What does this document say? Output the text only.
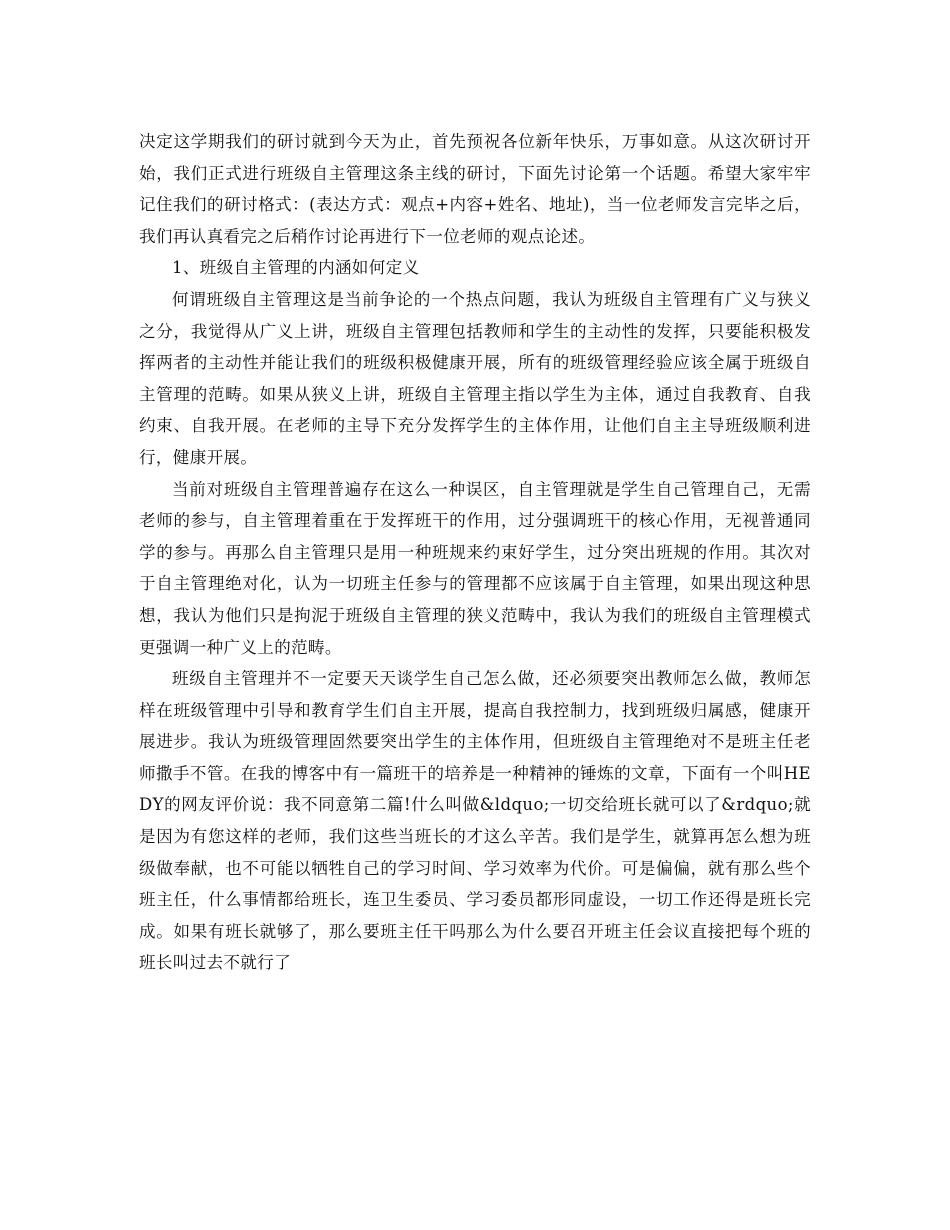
决定这学期我们的研讨就到今天为止，首先预祝各位新年快乐，万事如意。从这次研讨开始，我们正式进行班级自主管理这条主线的研讨，下面先讨论第一个话题。希望大家牢牢记住我们的研讨格式：(表达方式：观点+内容+姓名、地址)，当一位老师发言完毕之后，我们再认真看完之后稍作讨论再进行下一位老师的观点论述。

1、班级自主管理的内涵如何定义

何谓班级自主管理这是当前争论的一个热点问题，我认为班级自主管理有广义与狭义之分，我觉得从广义上讲，班级自主管理包括教师和学生的主动性的发挥，只要能积极发挥两者的主动性并能让我们的班级积极健康开展，所有的班级管理经验应该全属于班级自主管理的范畴。如果从狭义上讲，班级自主管理主指以学生为主体，通过自我教育、自我约束、自我开展。在老师的主导下充分发挥学生的主体作用，让他们自主主导班级顺利进行，健康开展。

当前对班级自主管理普遍存在这么一种误区，自主管理就是学生自己管理自己，无需老师的参与，自主管理着重在于发挥班干的作用，过分强调班干的核心作用，无视普通同学的参与。再那么自主管理只是用一种班规来约束好学生，过分突出班规的作用。其次对于自主管理绝对化，认为一切班主任参与的管理都不应该属于自主管理，如果出现这种思想，我认为他们只是拘泥于班级自主管理的狭义范畴中，我认为我们的班级自主管理模式更强调一种广义上的范畴。

班级自主管理并不一定要天天谈学生自己怎么做，还必须要突出教师怎么做，教师怎样在班级管理中引导和教育学生们自主开展，提高自我控制力，找到班级归属感，健康开展进步。我认为班级管理固然要突出学生的主体作用，但班级自主管理绝对不是班主任老师撒手不管。在我的博客中有一篇班干的培养是一种精神的锤炼的文章，下面有一个叫HEDY的网友评价说：我不同意第二篇!什么叫做&ldquo;一切交给班长就可以了&rdquo;就是因为有您这样的老师，我们这些当班长的才这么辛苦。我们是学生，就算再怎么想为班级做奉献，也不可能以牺牲自己的学习时间、学习效率为代价。可是偏偏，就有那么些个班主任，什么事情都给班长，连卫生委员、学习委员都形同虚设，一切工作还得是班长完成。如果有班长就够了，那么要班主任干吗那么为什么要召开班主任会议直接把每个班的班长叫过去不就行了
